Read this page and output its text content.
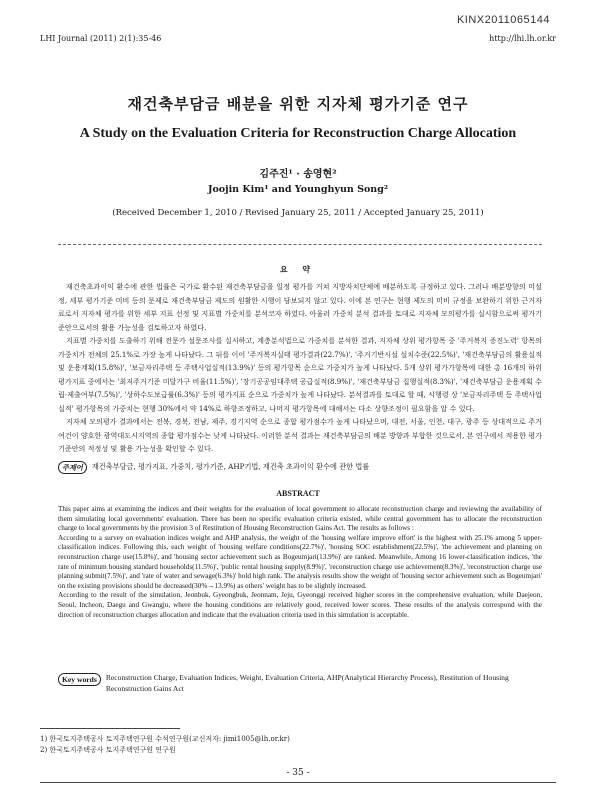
KINX2011065144
LHI Journal (2011) 2(1):35-46	http://lhi.lh.or.kr
재건축부담금 배분을 위한 지자체 평가기준 연구
A Study on the Evaluation Criteria for Reconstruction Charge Allocation
김주진¹ · 송영현²
Joojin Kim¹ and Younghyun Song²
(Received December 1, 2010 / Revised January 25, 2011 / Accepted January 25, 2011)
요 약

재건축초과이익 환수에 관한 법률은 국가로 환수된 재건축부담금을 일정 평가를 거쳐 지방자치단체에 배분하도록 규정하고 있다. 그러나 배분방향의 미설정, 세부 평가기준 미비 등의 문제로 재건축부담금 제도의 원활한 시행이 담보되지 않고 있다. 이에 본 연구는 현행 제도의 미비 규정을 보완하기 위한 근거자료로서 지자체 평가를 위한 세부 지표 선정 및 지표별 가중치를 분석코자 하였다. 아울러 가중치 분석 결과를 토대로 지자체 모의평가를 실시함으로써 평가기준안으로서의 활용 가능성을 검토하고자 하였다.

지표별 가중치를 도출하기 위해 전문가 설문조사를 실시하고, 계층분석법으로 가중치를 분석한 결과, 지자체 상위 평가항목 중 '주거복지 증진노력' 항목의 가중치가 전체의 25.1%로 가장 높게 나타났다. 그 뒤를 이어 '주거복지실태 평가결과(22.7%)', '주거기반시설 설치수준(22.5%)', '재건축부담금의 활용실적 및 운용계획(15.8%)', '보금자리주택 등 주택사업실적(13.9%)' 등의 평가항목 순으로 가중치가 높게 나타났다. 5개 상위 평가가항목에 대한 총 16개의 하위 평가지표 중에서는 '최저주거기준 미달가구 비율(11.5%)', '장기공공임대주택 공급실적(8.9%)', '재건축부담금 집행실적(8.3%)', '재건축부담금 운용계획 수립·제출여부(7.5%)', '상하수도보급률(6.3%)' 등의 평가지표 순으로 가중치가 높게 나타났다. 분석결과를 토대로 할 때, 시행령 상 '보금자리주택 등 주택사업실적' 평가항목의 가중치는 현행 30%에서 약 14%로 하향조정하고, 나머지 평가항목에 대해서는 다소 상향조정이 필요함을 알 수 있다.

지자체 모의평가 결과에서는 전북, 경북, 전남, 제주, 경기지역 순으로 종합 평가점수가 높게 나타났으며, 대전, 서울, 인천, 대구, 광주 등 상대적으로 주거여건이 양호한 광역대도시지역의 종합 평가점수는 낮게 나타났다. 이러한 분석 결과는 재건축부담금의 배분 방향과 부합한 것으로서, 본 연구에서 적용한 평가기준안의 적정성 및 활용 가능성을 확인할 수 있다.

주제어	재건축부담금, 평가지표, 가중치, 평가기준, AHP기법, 재건축 초과이익 환수에 관한 법률
ABSTRACT

This paper aims at examining the indices and their weights for the evaluation of local government to allocate reconstruction charge and reviewing the availability of them simulating local governments' evaluation. There has been no specific evaluation criteria existed, while central government has to allocate the reconstruction charge to local governments by the provision 3 of Restitution of Housing Reconstruction Gains Act. The results as follows :

According to a survey on evaluation indices weight and AHP analysis, the weight of the 'housing welfare improve effort' is the highest with 25.1% among 5 upper-classification indices. Following this, each weight of 'housing welfare conditions(22.7%)', 'housing SOC establishment(22.5%)', 'the achievement and planning on reconstruction charge use(15.8%)', and 'housing sector achievement such as Bogeumjari(13.9%)' are ranked. Meanwhile, Among 16 lower-classification indices, 'the rate of minimum housing standard households(11.5%)', 'public rental housing supply(8.9%)', 'reconstruction charge use achievement(8.3%)', 'reconstruction charge use planning submit(7.5%)', and 'rate of water and sewage(6.3%)' hold high rank. The analysis results show the weight of 'housing sector achievement such as Bogeumjari' on the existing provisions should be decreased(30%→13.9%) as others' weight has to be slightly increased.

According to the result of the simulation, Jeonbuk, Gyeongbuk, Jeonnam, Jeju, Gyeonggi received higher scores in the comprehensive evaluation, while Daejeon, Seoul, Incheon, Daegu and Gwangju, where the housing conditions are relatively good, received lower scores. These results of the analysis correspond with the direction of reconstruction charges allocation and indicate that the evaluation criteria used in this simulation is acceptable.

Key words	Reconstruction Charge, Evaluation Indices, Weight, Evaluation Criteria, AHP(Analytical Hierarchy Process), Restitution of Housing Reconstruction Gains Act
1) 한국토지주택공사 토지주택연구원 수석연구원(교신저자: jimi1005@lh.or.kr)
2) 한국토지주택공사 토지주택연구원 연구원
- 35 -
